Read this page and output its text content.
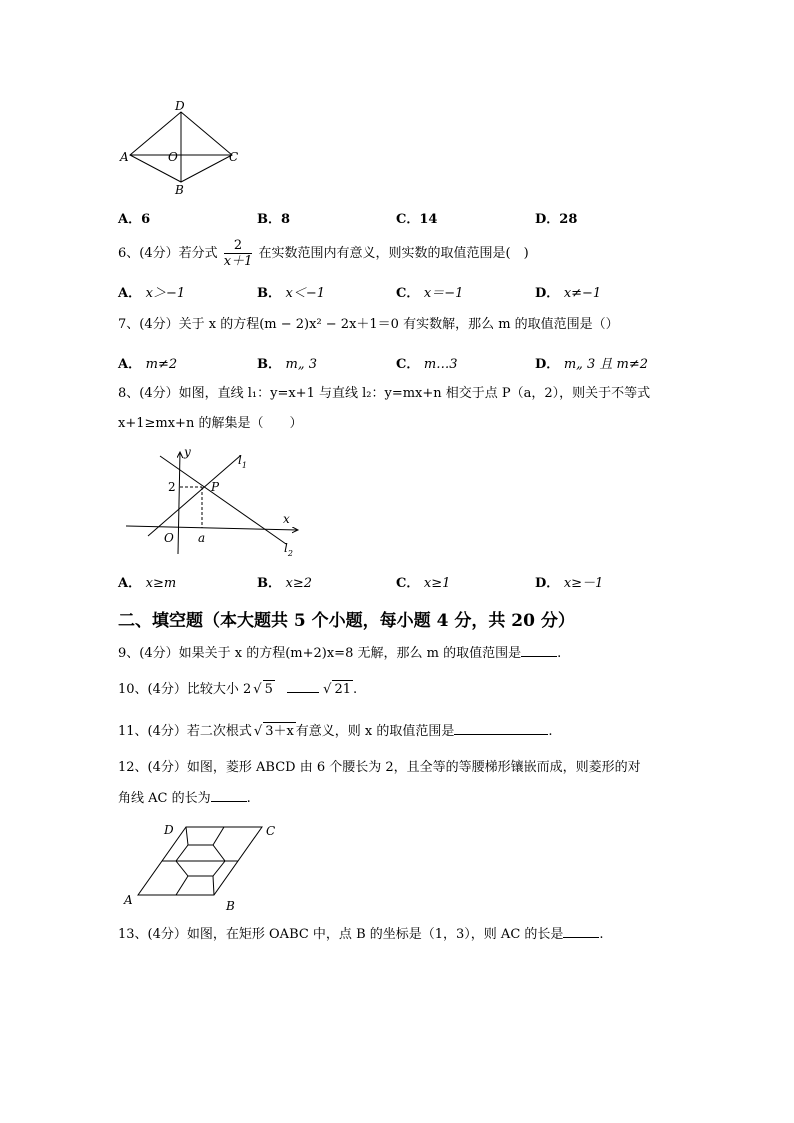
D
A	O	C
B
A．6	B．8	C．14	D．28
6、(4分）若分式 $\frac{2}{x+1}$ 在实数范围内有意义，则实数的取值范围是(　)
A． x＞−1	B． x＜−1	C． x＝−1	D． x≠−1
7、(4分）关于 x 的方程(m − 2)x² − 2x＋1＝0 有实数解，那么 m 的取值范围是（）
A． m≠2	B． m„ 3	C． m…3	D． m„ 3 且 m≠2
8、(4分）如图，直线 l₁：y=x+1 与直线 l₂：y=mx+n 相交于点 P（a，2），则关于不等式
x+1≥mx+n 的解集是（　　）
y
x
$l_1$
$l_2$
2	P
O a
A． x≥m	B． x≥2	C． x≥1	D． x≥－1
二、填空题（本大题共 5 个小题，每小题 4 分，共 20 分）
9、(4分）如果关于 x 的方程(m+2)x=8 无解，那么 m 的取值范围是	.
10、(4分）比较大小 2 √ 5	√ 21 .
11、(4分）若二次根式 √ 3＋x 有意义，则 x 的取值范围是	.
12、(4分）如图，菱形 ABCD 由 6 个腰长为 2，且全等的等腰梯形镶嵌而成，则菱形的对
角线 AC 的长为	.
D	C
A	B
13、(4分）如图，在矩形 OABC 中，点 B 的坐标是（1，3），则 AC 的长是	.
